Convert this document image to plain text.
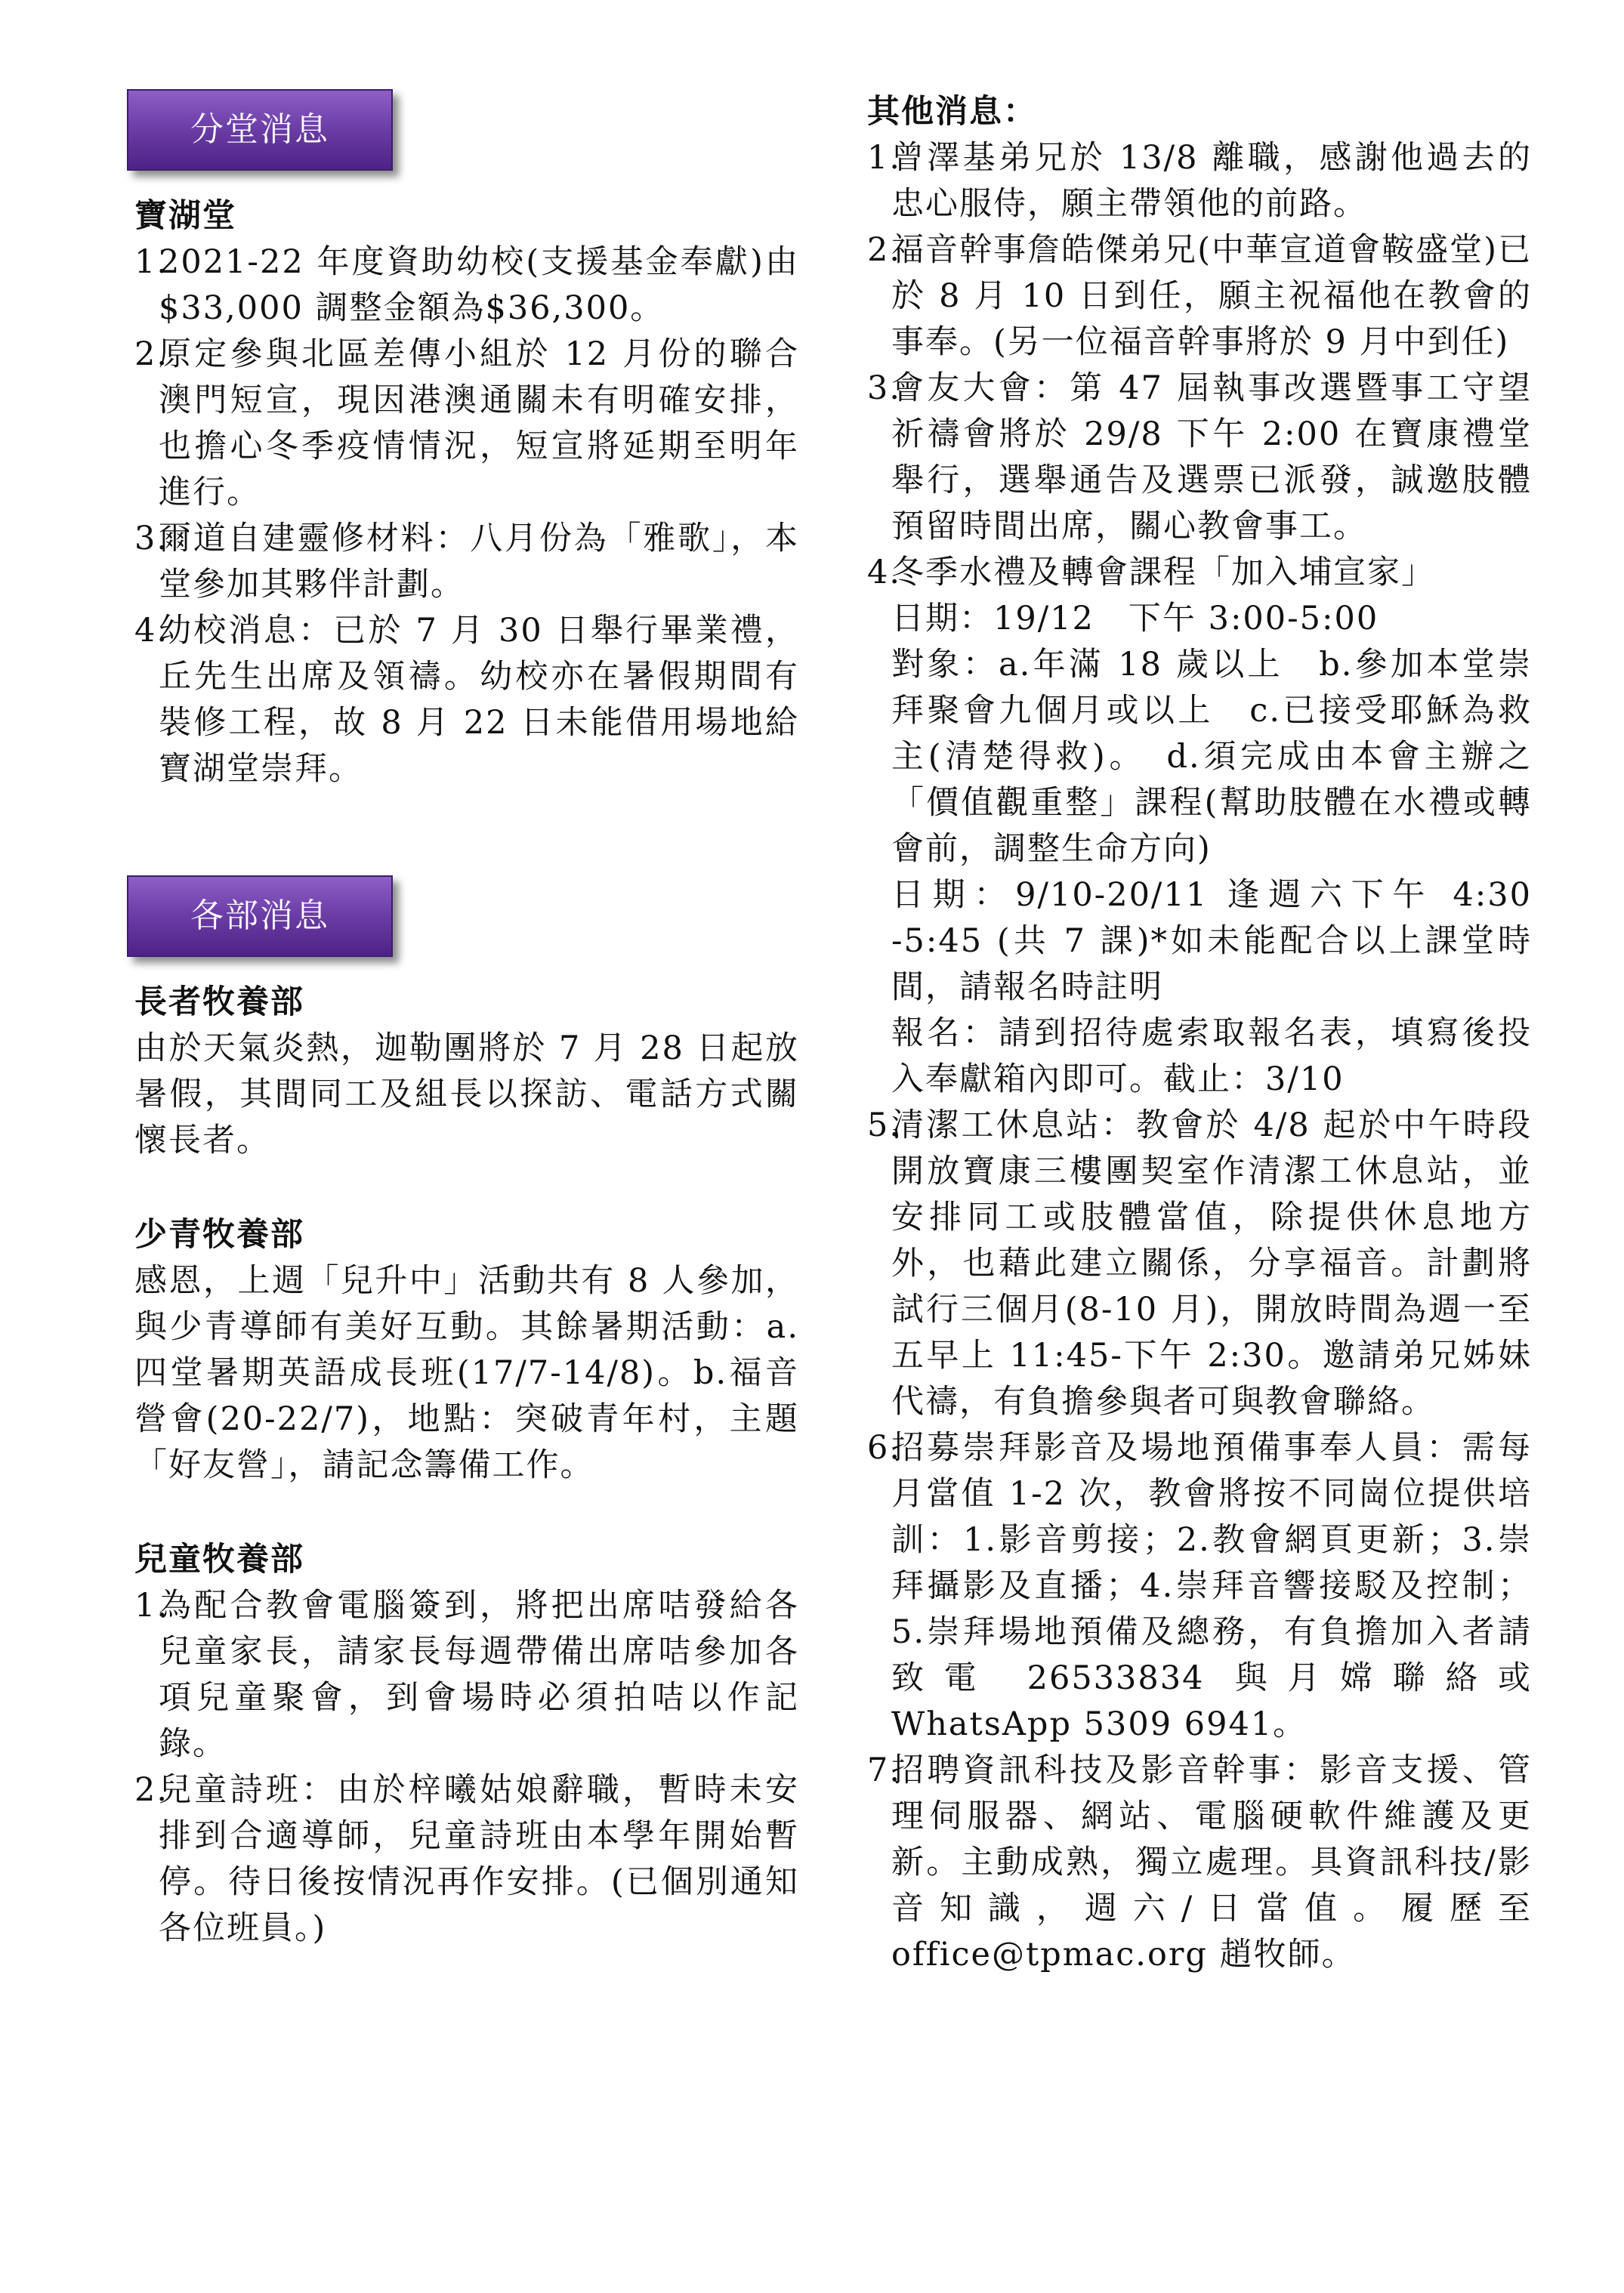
分堂消息
寶湖堂
1.
2021-22 年度資助幼校(支援基金奉獻)由$33,000 調整金額為$36,300。
2.
原定參與北區差傳小組於 12 月份的聯合澳門短宣，現因港澳通關未有明確安排，也擔心冬季疫情情況，短宣將延期至明年進行。
3.
爾道自建靈修材料：八月份為「雅歌」，本堂參加其夥伴計劃。
4.
幼校消息：已於 7 月 30 日舉行畢業禮，丘先生出席及領禱。幼校亦在暑假期間有裝修工程，故 8 月 22 日未能借用場地給寶湖堂崇拜。
各部消息
長者牧養部
由於天氣炎熱，迦勒團將於 7 月 28 日起放暑假，其間同工及組長以探訪、電話方式關懷長者。
少青牧養部
感恩，上週「兒升中」活動共有 8 人參加，與少青導師有美好互動。其餘暑期活動：a.四堂暑期英語成長班(17/7-14/8)。b.福音營會(20-22/7)，地點：突破青年村，主題「好友營」，請記念籌備工作。
兒童牧養部
1.
為配合教會電腦簽到，將把出席咭發給各兒童家長，請家長每週帶備出席咭參加各項兒童聚會，到會場時必須拍咭以作記錄。
2.
兒童詩班：由於梓曦姑娘辭職，暫時未安排到合適導師，兒童詩班由本學年開始暫停。待日後按情況再作安排。(已個別通知各位班員。)
其他消息：
1.
曾澤基弟兄於 13/8 離職，感謝他過去的忠心服侍，願主帶領他的前路。
2.
福音幹事詹皓傑弟兄(中華宣道會鞍盛堂)已於 8 月 10 日到任，願主祝福他在教會的事奉。(另一位福音幹事將於 9 月中到任)
3.
會友大會：第 47 屆執事改選暨事工守望祈禱會將於 29/8 下午 2:00 在寶康禮堂舉行，選舉通告及選票已派發，誠邀肢體預留時間出席，關心教會事工。
4.
冬季水禮及轉會課程「加入埔宣家」
日期：19/12　下午 3:00-5:00
對象：a.年滿 18 歲以上　b.參加本堂崇拜聚會九個月或以上　c.已接受耶穌為救主(清楚得救)。　d.須完成由本會主辦之「價值觀重整」課程(幫助肢體在水禮或轉會前，調整生命方向)
日期：9/10-20/11 逢週六下午 4:30 -5:45 (共 7 課)*如未能配合以上課堂時間，請報名時註明
報名：請到招待處索取報名表，填寫後投入奉獻箱內即可。截止：3/10
5.
清潔工休息站：教會於 4/8 起於中午時段開放寶康三樓團契室作清潔工休息站，並安排同工或肢體當值，除提供休息地方外，也藉此建立關係，分享福音。計劃將試行三個月(8-10 月)，開放時間為週一至五早上 11:45-下午 2:30。邀請弟兄姊妹代禱，有負擔參與者可與教會聯絡。
6.
招募崇拜影音及場地預備事奉人員：需每月當值 1-2 次，教會將按不同崗位提供培訓：1.影音剪接；2.教會網頁更新；3.崇拜攝影及直播；4.崇拜音響接駁及控制；5.崇拜場地預備及總務，有負擔加入者請致電 26533834 與月嫦聯絡或 WhatsApp 5309 6941。
7.
招聘資訊科技及影音幹事：影音支援、管理伺服器、網站、電腦硬軟件維護及更新。主動成熟，獨立處理。具資訊科技/影音知識，週六/日當值。履歷至 office@tpmac.org 趙牧師。
